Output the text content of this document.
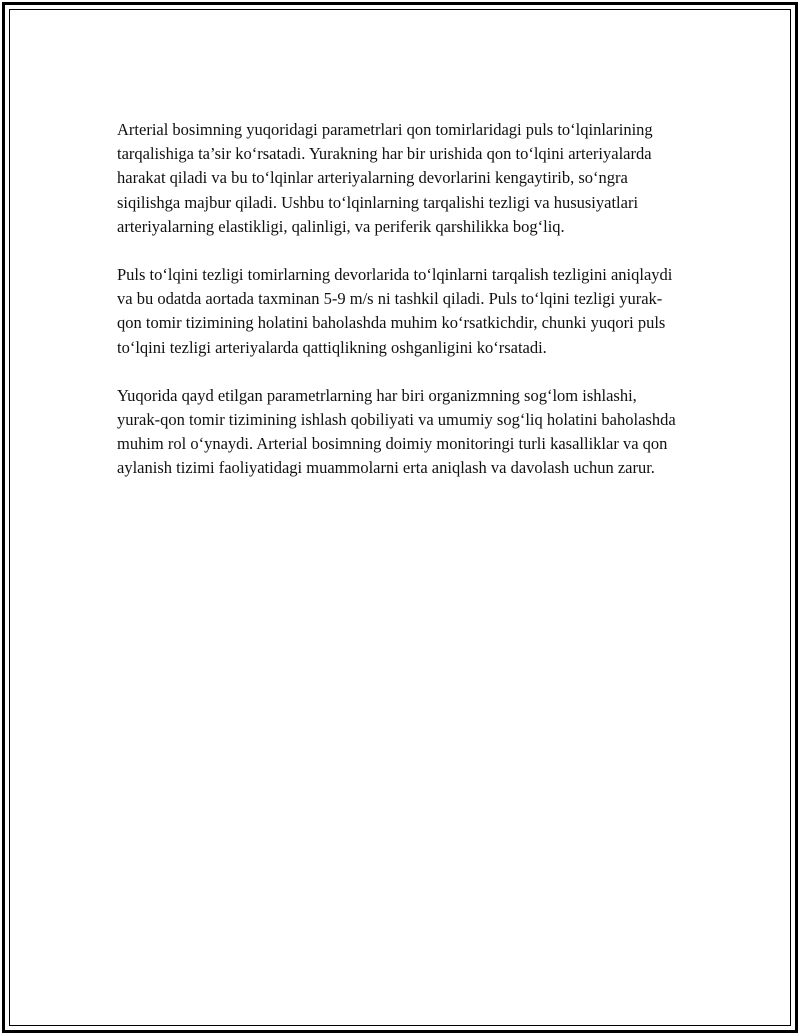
Arterial bosimning yuqoridagi parametrlari qon tomirlaridagi puls to‘lqinlarining tarqalishiga ta’sir ko‘rsatadi. Yurakning har bir urishida qon to‘lqini arteriyalarda harakat qiladi va bu to‘lqinlar arteriyalarning devorlarini kengaytirib, so‘ngra siqilishga majbur qiladi. Ushbu to‘lqinlarning tarqalishi tezligi va hususiyatlari arteriyalarning elastikligi, qalinligi, va periferik qarshilikka bog‘liq.

Puls to‘lqini tezligi tomirlarning devorlarida to‘lqinlarni tarqalish tezligini aniqlaydi va bu odatda aortada taxminan 5-9 m/s ni tashkil qiladi. Puls to‘lqini tezligi yurak-qon tomir tizimining holatini baholashda muhim ko‘rsatkichdir, chunki yuqori puls to‘lqini tezligi arteriyalarda qattiqlikning oshganligini ko‘rsatadi.

Yuqorida qayd etilgan parametrlarning har biri organizmning sog‘lom ishlashi, yurak-qon tomir tizimining ishlash qobiliyati va umumiy sog‘liq holatini baholashda muhim rol o‘ynaydi. Arterial bosimning doimiy monitoringi turli kasalliklar va qon aylanish tizimi faoliyatidagi muammolarni erta aniqlash va davolash uchun zarur.
